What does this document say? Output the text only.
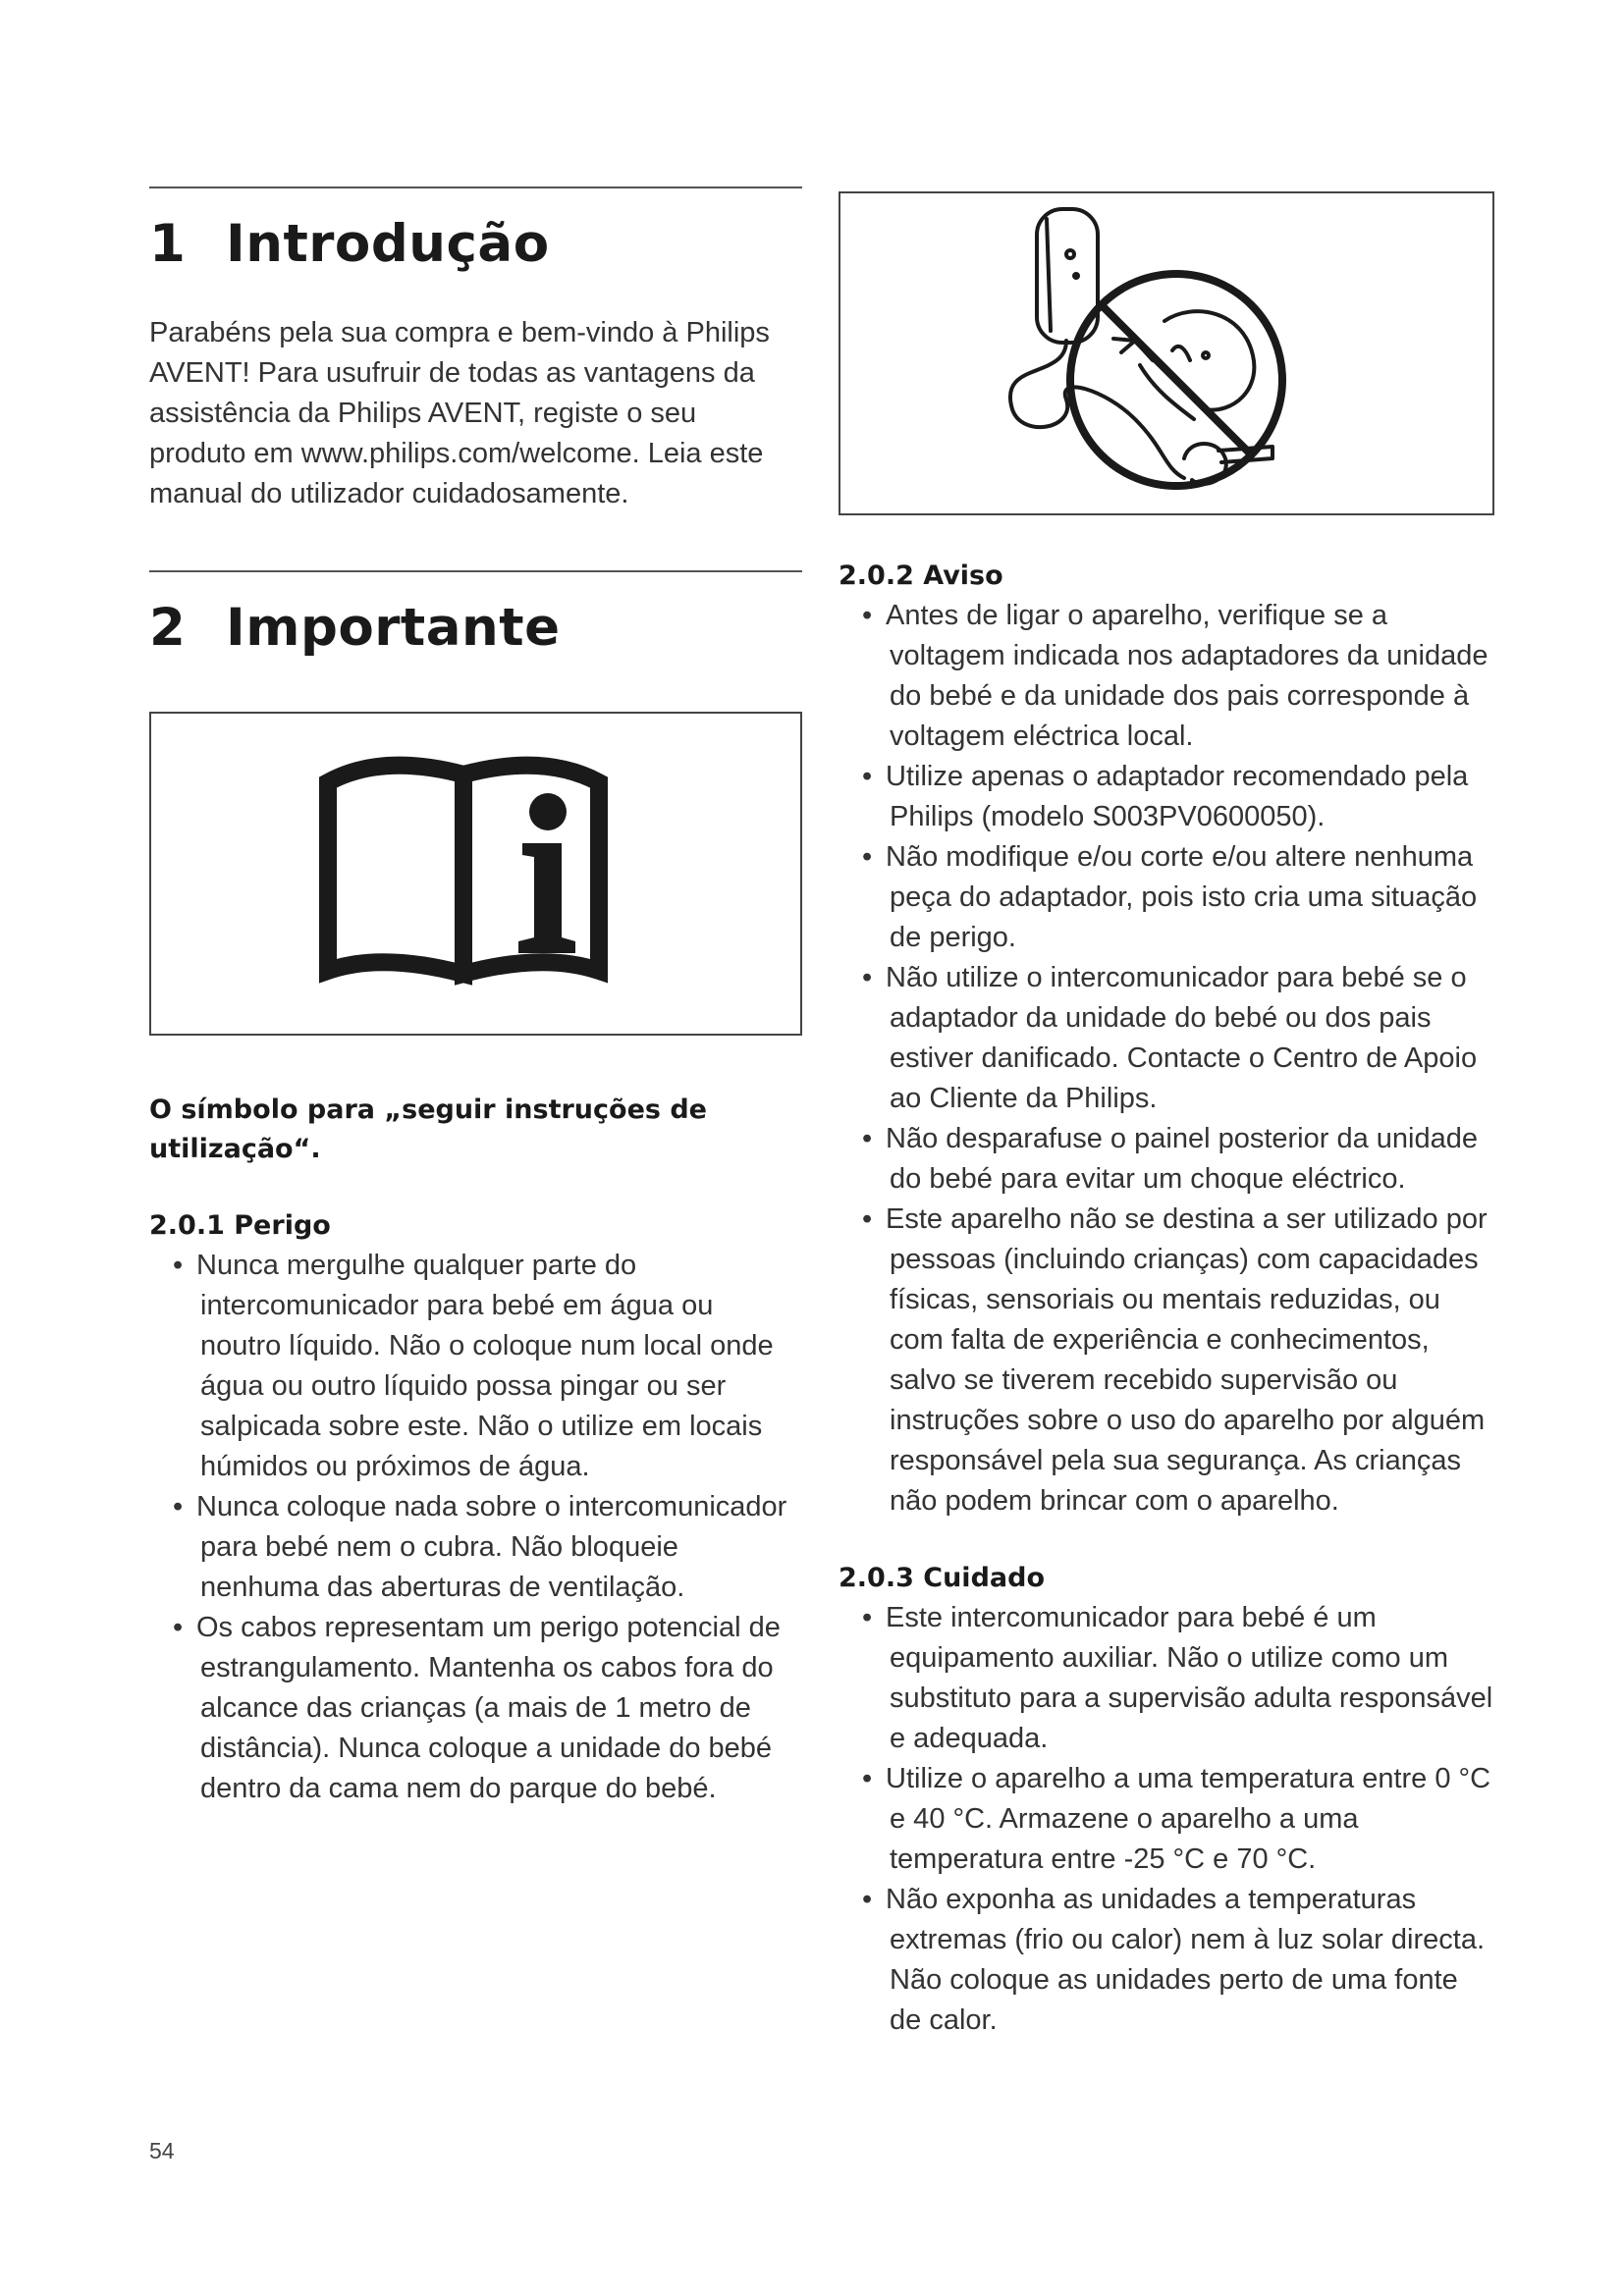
1 Introdução

Parabéns pela sua compra e bem-vindo à Philips AVENT! Para usufruir de todas as vantagens da assistência da Philips AVENT, registe o seu produto em www.philips.com/welcome. Leia este manual do utilizador cuidadosamente.

2 Importante

O símbolo para „seguir instruções de utilização“.

2.0.1 Perigo

• Nunca mergulhe qualquer parte do intercomunicador para bebé em água ou noutro líquido. Não o coloque num local onde água ou outro líquido possa pingar ou ser salpicada sobre este. Não o utilize em locais húmidos ou próximos de água.
• Nunca coloque nada sobre o intercomunicador para bebé nem o cubra. Não bloqueie nenhuma das aberturas de ventilação.
• Os cabos representam um perigo potencial de estrangulamento. Mantenha os cabos fora do alcance das crianças (a mais de 1 metro de distância). Nunca coloque a unidade do bebé dentro da cama nem do parque do bebé.

2.0.2 Aviso

• Antes de ligar o aparelho, verifique se a voltagem indicada nos adaptadores da unidade do bebé e da unidade dos pais corresponde à voltagem eléctrica local.
• Utilize apenas o adaptador recomendado pela Philips (modelo S003PV0600050).
• Não modifique e/ou corte e/ou altere nenhuma peça do adaptador, pois isto cria uma situação de perigo.
• Não utilize o intercomunicador para bebé se o adaptador da unidade do bebé ou dos pais estiver danificado. Contacte o Centro de Apoio ao Cliente da Philips.
• Não desparafuse o painel posterior da unidade do bebé para evitar um choque eléctrico.
• Este aparelho não se destina a ser utilizado por pessoas (incluindo crianças) com capacidades físicas, sensoriais ou mentais reduzidas, ou com falta de experiência e conhecimentos, salvo se tiverem recebido supervisão ou instruções sobre o uso do aparelho por alguém responsável pela sua segurança. As crianças não podem brincar com o aparelho.

2.0.3 Cuidado

• Este intercomunicador para bebé é um equipamento auxiliar. Não o utilize como um substituto para a supervisão adulta responsável e adequada.
• Utilize o aparelho a uma temperatura entre 0 °C e 40 °C. Armazene o aparelho a uma temperatura entre -25 °C e 70 °C.
• Não exponha as unidades a temperaturas extremas (frio ou calor) nem à luz solar directa. Não coloque as unidades perto de uma fonte de calor.
54
